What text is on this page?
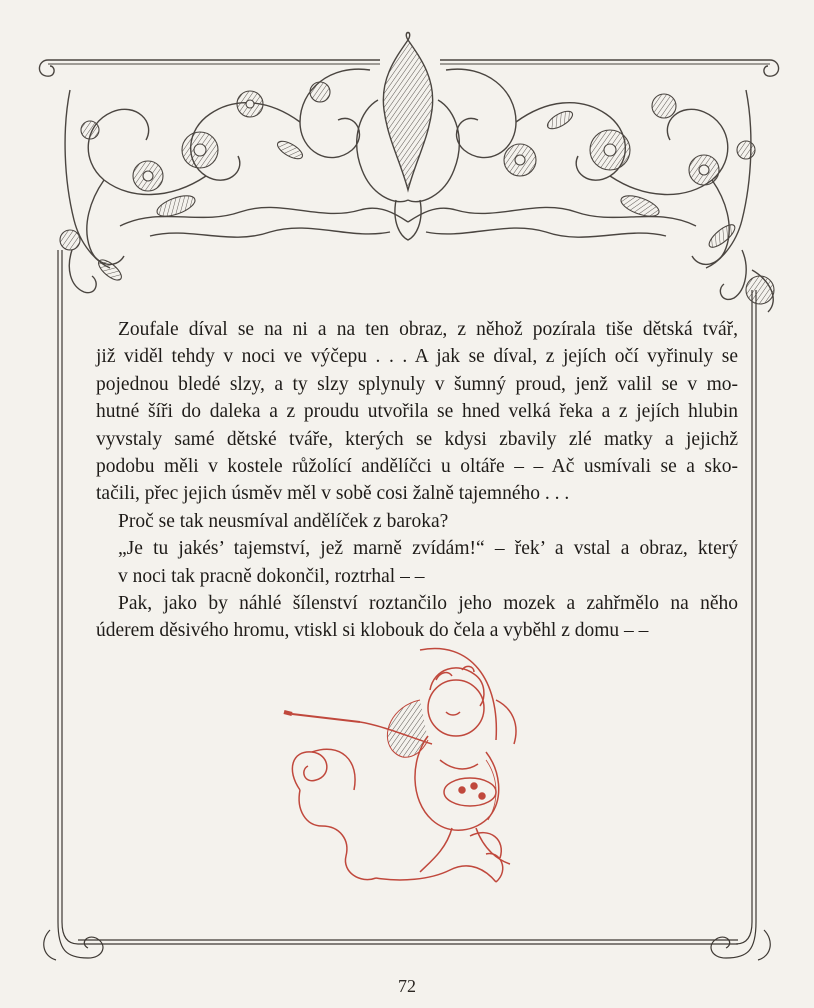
Zoufale díval se na ni a na ten obraz, z něhož pozírala tiše dětská tvář,
již viděl tehdy v noci ve výčepu . . . A jak se díval, z jejích očí vyřinuly se
pojednou bledé slzy, a ty slzy splynuly v šumný proud, jenž valil se v mo-
hutné šíři do daleka a z proudu utvořila se hned velká řeka a z jejích hlubin
vyvstaly samé dětské tváře, kterých se kdysi zbavily zlé matky a jejichž
podobu měli v kostele růžolící andělíčci u oltáře – – Ač usmívali se a sko-
tačili, přec jejich úsměv měl v sobě cosi žalně tajemného . . .

Proč se tak neusmíval andělíček z baroka?

„Je tu jakés’ tajemství, jež marně zvídám!“ – řek’ a vstal a obraz, který
v noci tak pracně dokončil, roztrhal – –

Pak, jako by náhlé šílenství roztančilo jeho mozek a zahřmělo na něho
úderem děsivého hromu, vtiskl si klobouk do čela a vyběhl z domu – –

72
